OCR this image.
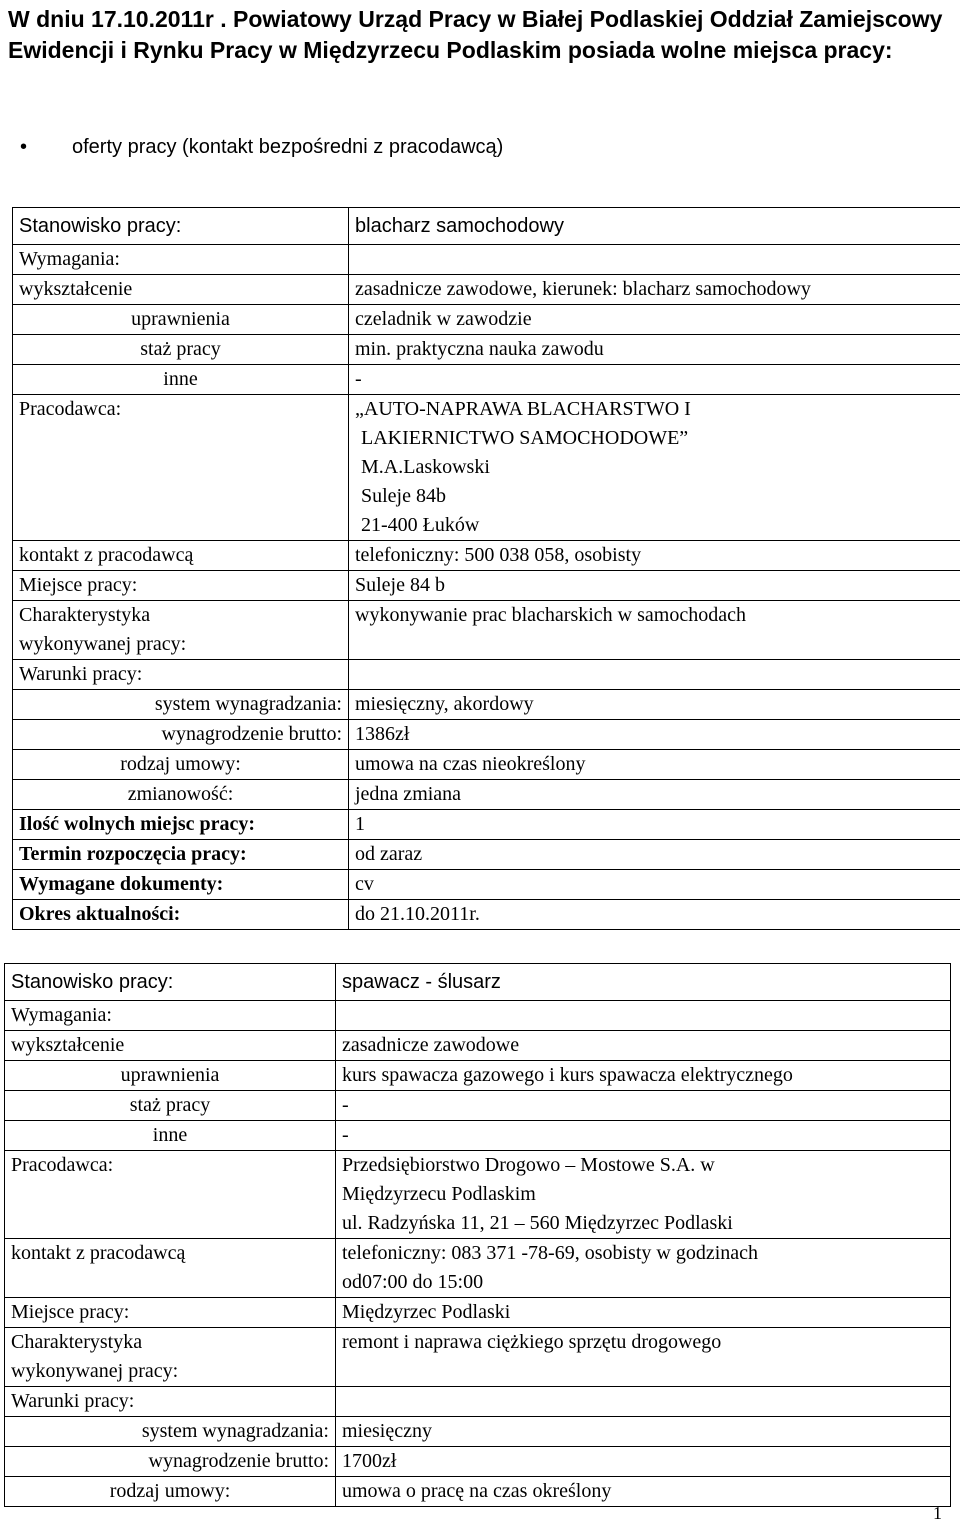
W dniu 17.10.2011r . Powiatowy Urząd Pracy w Białej Podlaskiej Oddział Zamiejscowy Ewidencji i Rynku Pracy w Międzyrzecu Podlaskim posiada wolne miejsca pracy:
• oferty pracy (kontakt bezpośredni z pracodawcą)
Stanowisko pracy:	blacharz samochodowy
Wymagania:	
wykształcenie	zasadnicze zawodowe, kierunek: blacharz samochodowy
uprawnienia	czeladnik w zawodzie
staż pracy	min. praktyczna nauka zawodu
inne	-
Pracodawca:	„AUTO-NAPRAWA BLACHARSTWO I
LAKIERNICTWO SAMOCHODOWE”
M.A.Laskowski
Suleje 84b
21-400 Łuków

kontakt z pracodawcą	telefoniczny: 500 038 058, osobisty
Miejsce pracy:	Suleje 84 b

Charakterystyka
wykonywanej pracy:	wykonywanie prac blacharskich w samochodach
Warunki pracy:	
system wynagradzania:	miesięczny, akordowy
wynagrodzenie brutto:	1386zł
rodzaj umowy:	umowa na czas nieokreślony
zmianowość:	jedna zmiana
Ilość wolnych miejsc pracy:	1
Termin rozpoczęcia pracy:	od zaraz
Wymagane dokumenty:	cv
Okres aktualności:	do 21.10.2011r.
Stanowisko pracy:	spawacz - ślusarz
Wymagania:	
wykształcenie	zasadnicze zawodowe
uprawnienia	kurs spawacza gazowego i kurs spawacza elektrycznego
staż pracy	-
inne	-
Pracodawca:	Przedsiębiorstwo Drogowo – Mostowe S.A. w
Międzyrzecu Podlaskim
ul. Radzyńska 11, 21 – 560 Międzyrzec Podlaski

kontakt z pracodawcą	telefoniczny: 083 371 -78-69, osobisty w godzinach
od07:00 do 15:00

Miejsce pracy:	Międzyrzec Podlaski

Charakterystyka
wykonywanej pracy:	remont i naprawa ciężkiego sprzętu drogowego
Warunki pracy:	
system wynagradzania:	miesięczny
wynagrodzenie brutto:	1700zł
rodzaj umowy:	umowa o pracę na czas określony
1
